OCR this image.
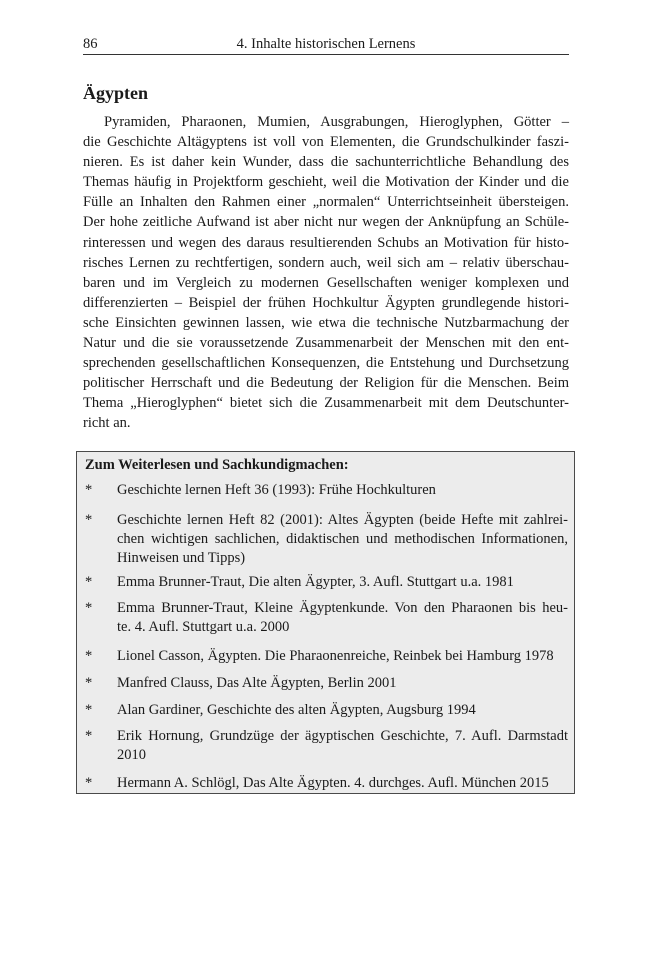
86	4. Inhalte historischen Lernens
Ägypten

Pyramiden, Pharaonen, Mumien, Ausgrabungen, Hieroglyphen, Götter –
die Geschichte Altägyptens ist voll von Elementen, die Grundschulkinder faszi-
nieren. Es ist daher kein Wunder, dass die sachunterrichtliche Behandlung des
Themas häufig in Projektform geschieht, weil die Motivation der Kinder und die
Fülle an Inhalten den Rahmen einer „normalen“ Unterrichtseinheit übersteigen.
Der hohe zeitliche Aufwand ist aber nicht nur wegen der Anknüpfung an Schüle-
rinteressen und wegen des daraus resultierenden Schubs an Motivation für histo-
risches Lernen zu rechtfertigen, sondern auch, weil sich am – relativ überschau-
baren und im Vergleich zu modernen Gesellschaften weniger komplexen und
differenzierten – Beispiel der frühen Hochkultur Ägypten grundlegende histori-
sche Einsichten gewinnen lassen, wie etwa die technische Nutzbarmachung der
Natur und die sie voraussetzende Zusammenarbeit der Menschen mit den ent-
sprechenden gesellschaftlichen Konsequenzen, die Entstehung und Durchsetzung
politischer Herrschaft und die Bedeutung der Religion für die Menschen. Beim
Thema „Hieroglyphen“ bietet sich die Zusammenarbeit mit dem Deutschunter-
richt an.

Zum Weiterlesen und Sachkundigmachen:
* Geschichte lernen Heft 36 (1993): Frühe Hochkulturen
* Geschichte lernen Heft 82 (2001): Altes Ägypten (beide Hefte mit zahlrei-
chen wichtigen sachlichen, didaktischen und methodischen Informationen,
Hinweisen und Tipps)
* Emma Brunner-Traut, Die alten Ägypter, 3. Aufl. Stuttgart u.a. 1981
* Emma Brunner-Traut, Kleine Ägyptenkunde. Von den Pharaonen bis heu-
te. 4. Aufl. Stuttgart u.a. 2000
* Lionel Casson, Ägypten. Die Pharaonenreiche, Reinbek bei Hamburg 1978
* Manfred Clauss, Das Alte Ägypten, Berlin 2001
* Alan Gardiner, Geschichte des alten Ägypten, Augsburg 1994
* Erik Hornung, Grundzüge der ägyptischen Geschichte, 7. Aufl. Darmstadt
2010
* Hermann A. Schlögl, Das Alte Ägypten. 4. durchges. Aufl. München 2015
